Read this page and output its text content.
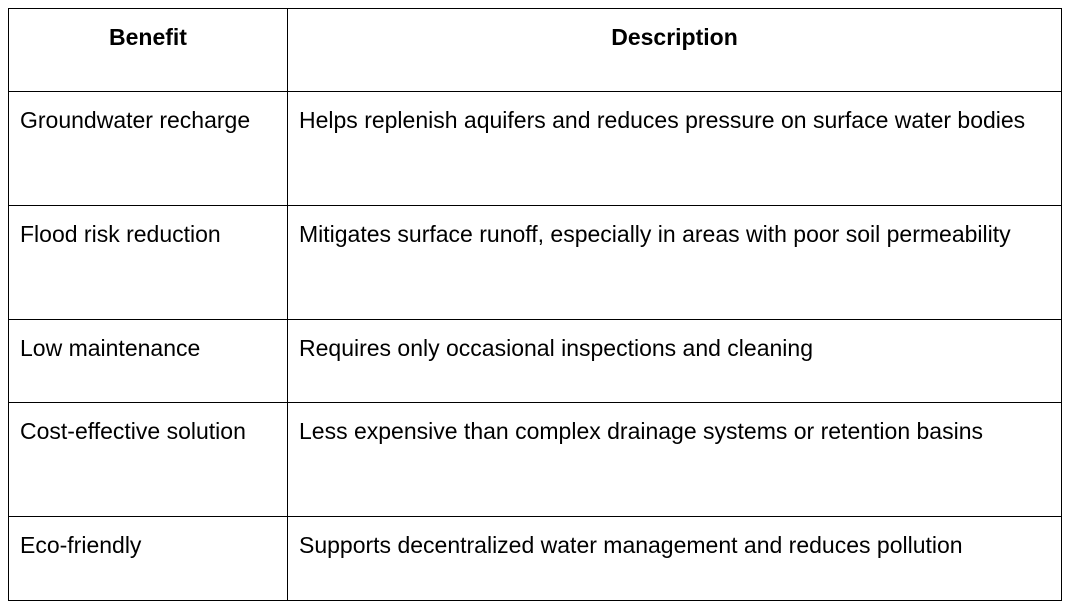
Benefit	Description
Groundwater recharge	Helps replenish aquifers and reduces pressure on surface water bodies
Flood risk reduction	Mitigates surface runoff, especially in areas with poor soil permeability
Low maintenance	Requires only occasional inspections and cleaning
Cost-effective solution	Less expensive than complex drainage systems or retention basins
Eco-friendly	Supports decentralized water management and reduces pollution
